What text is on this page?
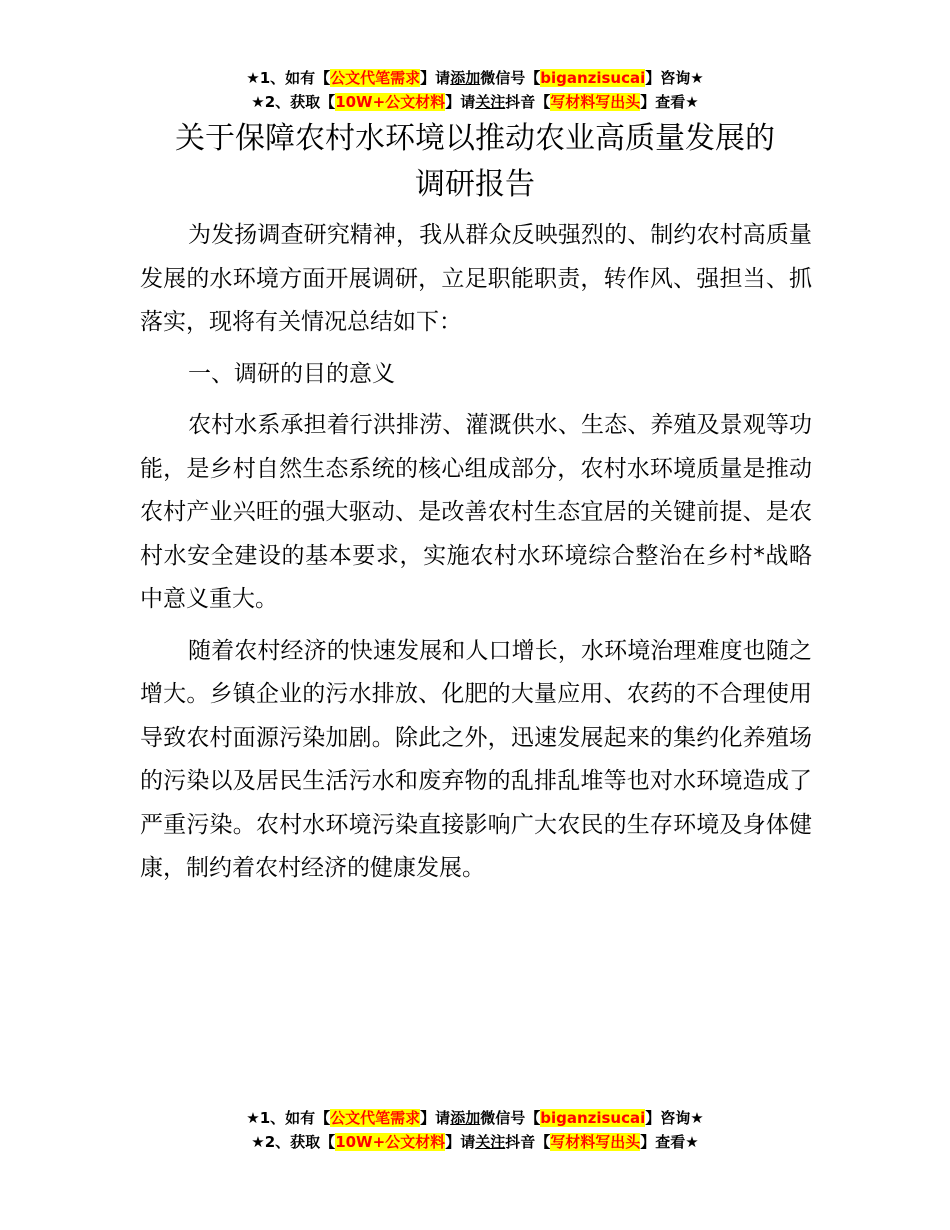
★1、如有【公文代笔需求】请添加微信号【biganzisucai】咨询★
★2、获取【10W+公文材料】请关注抖音【写材料写出头】查看★
关于保障农村水环境以推动农业高质量发展的
调研报告

为发扬调查研究精神，我从群众反映强烈的、制约农村高质量发展的水环境方面开展调研，立足职能职责，转作风、强担当、抓落实，现将有关情况总结如下：

一、调研的目的意义

农村水系承担着行洪排涝、灌溉供水、生态、养殖及景观等功能，是乡村自然生态系统的核心组成部分，农村水环境质量是推动农村产业兴旺的强大驱动、是改善农村生态宜居的关键前提、是农村水安全建设的基本要求，实施农村水环境综合整治在乡村*战略中意义重大。

随着农村经济的快速发展和人口增长，水环境治理难度也随之增大。乡镇企业的污水排放、化肥的大量应用、农药的不合理使用导致农村面源污染加剧。除此之外，迅速发展起来的集约化养殖场的污染以及居民生活污水和废弃物的乱排乱堆等也对水环境造成了严重污染。农村水环境污染直接影响广大农民的生存环境及身体健康，制约着农村经济的健康发展。

★1、如有【公文代笔需求】请添加微信号【biganzisucai】咨询★
★2、获取【10W+公文材料】请关注抖音【写材料写出头】查看★
